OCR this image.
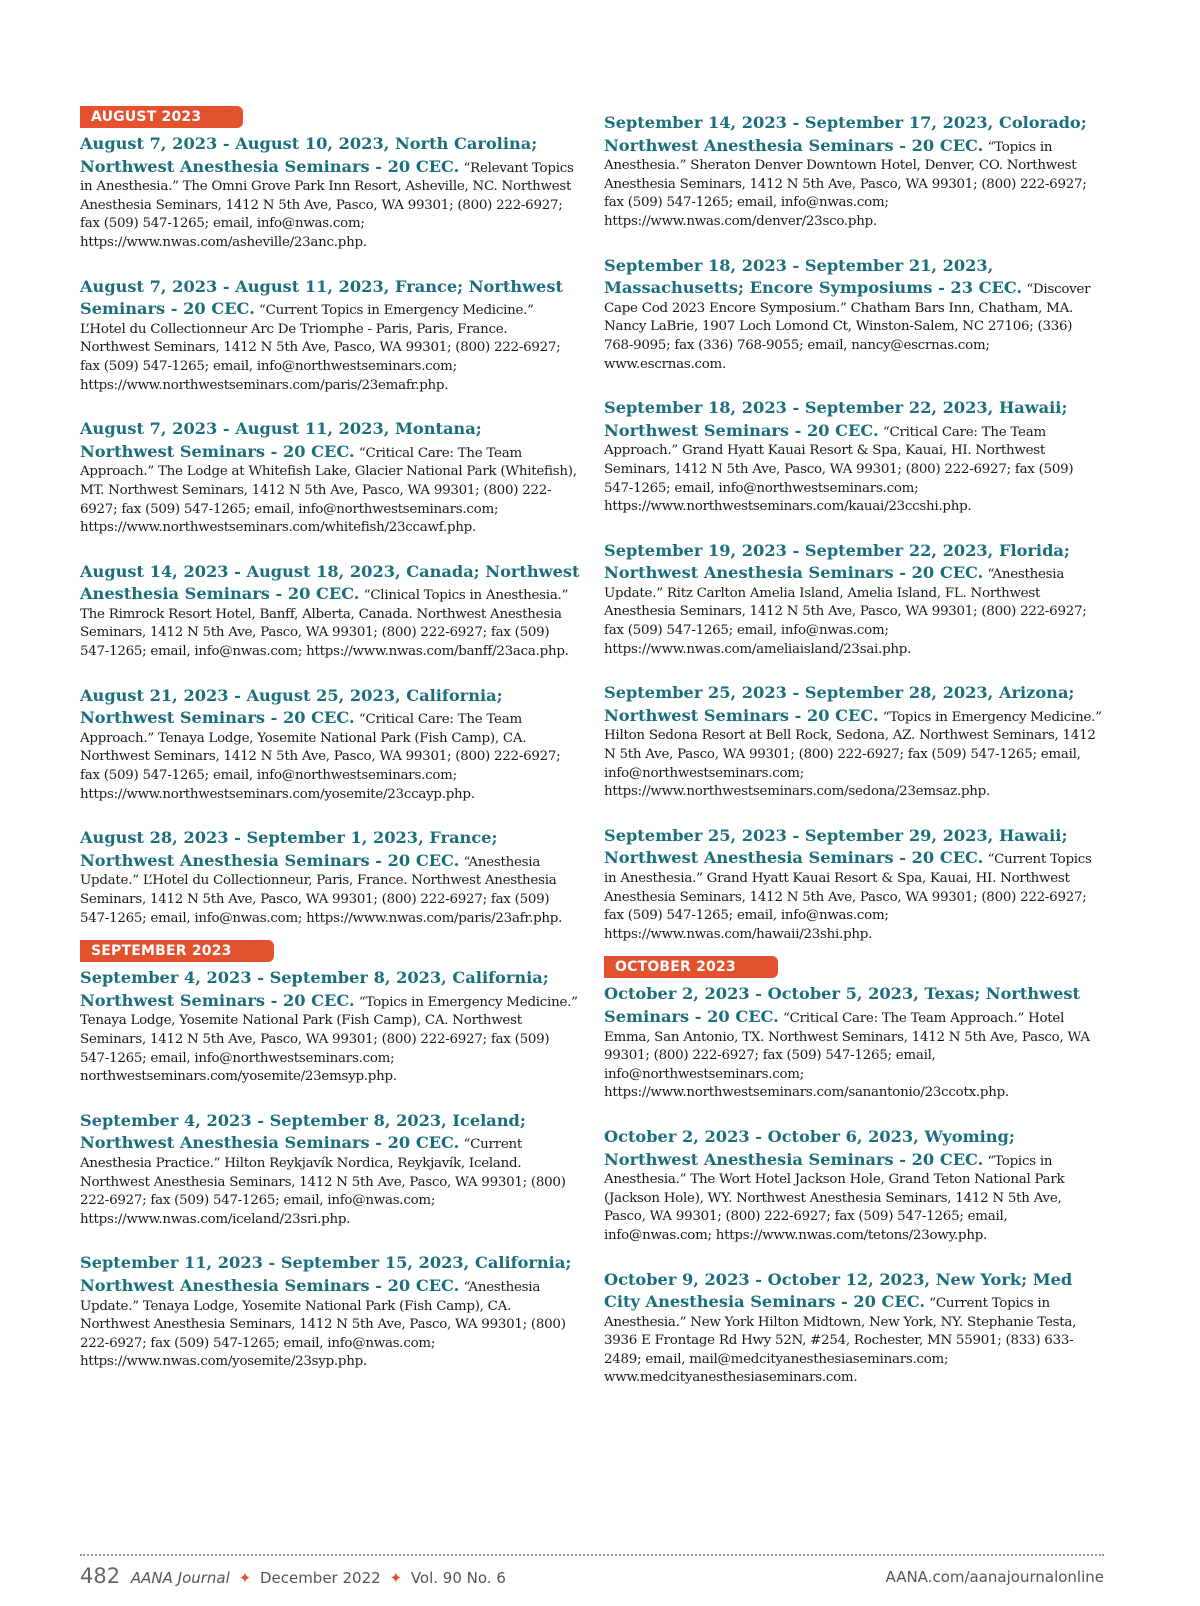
AUGUST 2023
August 7, 2023 - August 10, 2023, North Carolina; Northwest Anesthesia Seminars - 20 CEC. “Relevant Topics in Anesthesia.” The Omni Grove Park Inn Resort, Asheville, NC. Northwest Anesthesia Seminars, 1412 N 5th Ave, Pasco, WA 99301; (800) 222-6927; fax (509) 547-1265; email, info@nwas.com; https://www.nwas.com/asheville/23anc.php.
August 7, 2023 - August 11, 2023, France; Northwest Seminars - 20 CEC. “Current Topics in Emergency Medicine.” L’Hotel du Collectionneur Arc De Triomphe - Paris, Paris, France. Northwest Seminars, 1412 N 5th Ave, Pasco, WA 99301; (800) 222-6927; fax (509) 547-1265; email, info@northwestseminars.com; https://www.northwestseminars.com/paris/23emafr.php.
August 7, 2023 - August 11, 2023, Montana; Northwest Seminars - 20 CEC. “Critical Care: The Team Approach.” The Lodge at Whitefish Lake, Glacier National Park (Whitefish), MT. Northwest Seminars, 1412 N 5th Ave, Pasco, WA 99301; (800) 222-6927; fax (509) 547-1265; email, info@northwestseminars.com; https://www.northwestseminars.com/whitefish/23ccawf.php.
August 14, 2023 - August 18, 2023, Canada; Northwest Anesthesia Seminars - 20 CEC. “Clinical Topics in Anesthesia.” The Rimrock Resort Hotel, Banff, Alberta, Canada. Northwest Anesthesia Seminars, 1412 N 5th Ave, Pasco, WA 99301; (800) 222-6927; fax (509) 547-1265; email, info@nwas.com; https://www.nwas.com/banff/23aca.php.
August 21, 2023 - August 25, 2023, California; Northwest Seminars - 20 CEC. “Critical Care: The Team Approach.” Tenaya Lodge, Yosemite National Park (Fish Camp), CA. Northwest Seminars, 1412 N 5th Ave, Pasco, WA 99301; (800) 222-6927; fax (509) 547-1265; email, info@northwestseminars.com; https://www.northwestseminars.com/yosemite/23ccayp.php.
August 28, 2023 - September 1, 2023, France; Northwest Anesthesia Seminars - 20 CEC. “Anesthesia Update.” L’Hotel du Collectionneur, Paris, France. Northwest Anesthesia Seminars, 1412 N 5th Ave, Pasco, WA 99301; (800) 222-6927; fax (509) 547-1265; email, info@nwas.com; https://www.nwas.com/paris/23afr.php.
SEPTEMBER 2023
September 4, 2023 - September 8, 2023, California; Northwest Seminars - 20 CEC. “Topics in Emergency Medicine.” Tenaya Lodge, Yosemite National Park (Fish Camp), CA. Northwest Seminars, 1412 N 5th Ave, Pasco, WA 99301; (800) 222-6927; fax (509) 547-1265; email, info@northwestseminars.com; northwestseminars.com/yosemite/23emsyp.php.
September 4, 2023 - September 8, 2023, Iceland; Northwest Anesthesia Seminars - 20 CEC. “Current Anesthesia Practice.” Hilton Reykjavík Nordica, Reykjavík, Iceland. Northwest Anesthesia Seminars, 1412 N 5th Ave, Pasco, WA 99301; (800) 222-6927; fax (509) 547-1265; email, info@nwas.com; https://www.nwas.com/iceland/23sri.php.
September 11, 2023 - September 15, 2023, California; Northwest Anesthesia Seminars - 20 CEC. “Anesthesia Update.” Tenaya Lodge, Yosemite National Park (Fish Camp), CA. Northwest Anesthesia Seminars, 1412 N 5th Ave, Pasco, WA 99301; (800) 222-6927; fax (509) 547-1265; email, info@nwas.com; https://www.nwas.com/yosemite/23syp.php.
September 14, 2023 - September 17, 2023, Colorado; Northwest Anesthesia Seminars - 20 CEC. “Topics in Anesthesia.” Sheraton Denver Downtown Hotel, Denver, CO. Northwest Anesthesia Seminars, 1412 N 5th Ave, Pasco, WA 99301; (800) 222-6927; fax (509) 547-1265; email, info@nwas.com; https://www.nwas.com/denver/23sco.php.
September 18, 2023 - September 21, 2023, Massachusetts; Encore Symposiums - 23 CEC. “Discover Cape Cod 2023 Encore Symposium.” Chatham Bars Inn, Chatham, MA. Nancy LaBrie, 1907 Loch Lomond Ct, Winston-Salem, NC 27106; (336) 768-9095; fax (336) 768-9055; email, nancy@escrnas.com; www.escrnas.com.
September 18, 2023 - September 22, 2023, Hawaii; Northwest Seminars - 20 CEC. “Critical Care: The Team Approach.” Grand Hyatt Kauai Resort & Spa, Kauai, HI. Northwest Seminars, 1412 N 5th Ave, Pasco, WA 99301; (800) 222-6927; fax (509) 547-1265; email, info@northwestseminars.com; https://www.northwestseminars.com/kauai/23ccshi.php.
September 19, 2023 - September 22, 2023, Florida; Northwest Anesthesia Seminars - 20 CEC. “Anesthesia Update.” Ritz Carlton Amelia Island, Amelia Island, FL. Northwest Anesthesia Seminars, 1412 N 5th Ave, Pasco, WA 99301; (800) 222-6927; fax (509) 547-1265; email, info@nwas.com; https://www.nwas.com/ameliaisland/23sai.php.
September 25, 2023 - September 28, 2023, Arizona; Northwest Seminars - 20 CEC. “Topics in Emergency Medicine.” Hilton Sedona Resort at Bell Rock, Sedona, AZ. Northwest Seminars, 1412 N 5th Ave, Pasco, WA 99301; (800) 222-6927; fax (509) 547-1265; email, info@northwestseminars.com; https://www.northwestseminars.com/sedona/23emsaz.php.
September 25, 2023 - September 29, 2023, Hawaii; Northwest Anesthesia Seminars - 20 CEC. “Current Topics in Anesthesia.” Grand Hyatt Kauai Resort & Spa, Kauai, HI. Northwest Anesthesia Seminars, 1412 N 5th Ave, Pasco, WA 99301; (800) 222-6927; fax (509) 547-1265; email, info@nwas.com; https://www.nwas.com/hawaii/23shi.php.
OCTOBER 2023
October 2, 2023 - October 5, 2023, Texas; Northwest Seminars - 20 CEC. “Critical Care: The Team Approach.” Hotel Emma, San Antonio, TX. Northwest Seminars, 1412 N 5th Ave, Pasco, WA 99301; (800) 222-6927; fax (509) 547-1265; email, info@northwestseminars.com; https://www.northwestseminars.com/sanantonio/23ccotx.php.
October 2, 2023 - October 6, 2023, Wyoming; Northwest Anesthesia Seminars - 20 CEC. “Topics in Anesthesia.” The Wort Hotel Jackson Hole, Grand Teton National Park (Jackson Hole), WY. Northwest Anesthesia Seminars, 1412 N 5th Ave, Pasco, WA 99301; (800) 222-6927; fax (509) 547-1265; email, info@nwas.com; https://www.nwas.com/tetons/23owy.php.
October 9, 2023 - October 12, 2023, New York; Med City Anesthesia Seminars - 20 CEC. “Current Topics in Anesthesia.” New York Hilton Midtown, New York, NY. Stephanie Testa, 3936 E Frontage Rd Hwy 52N, #254, Rochester, MN 55901; (833) 633-2489; email, mail@medcityanesthesiaseminars.com; www.medcityanesthesiaseminars.com.
482 AANA Journal ✦ December 2022 ✦ Vol. 90 No. 6	AANA.com/aanajournalonline
